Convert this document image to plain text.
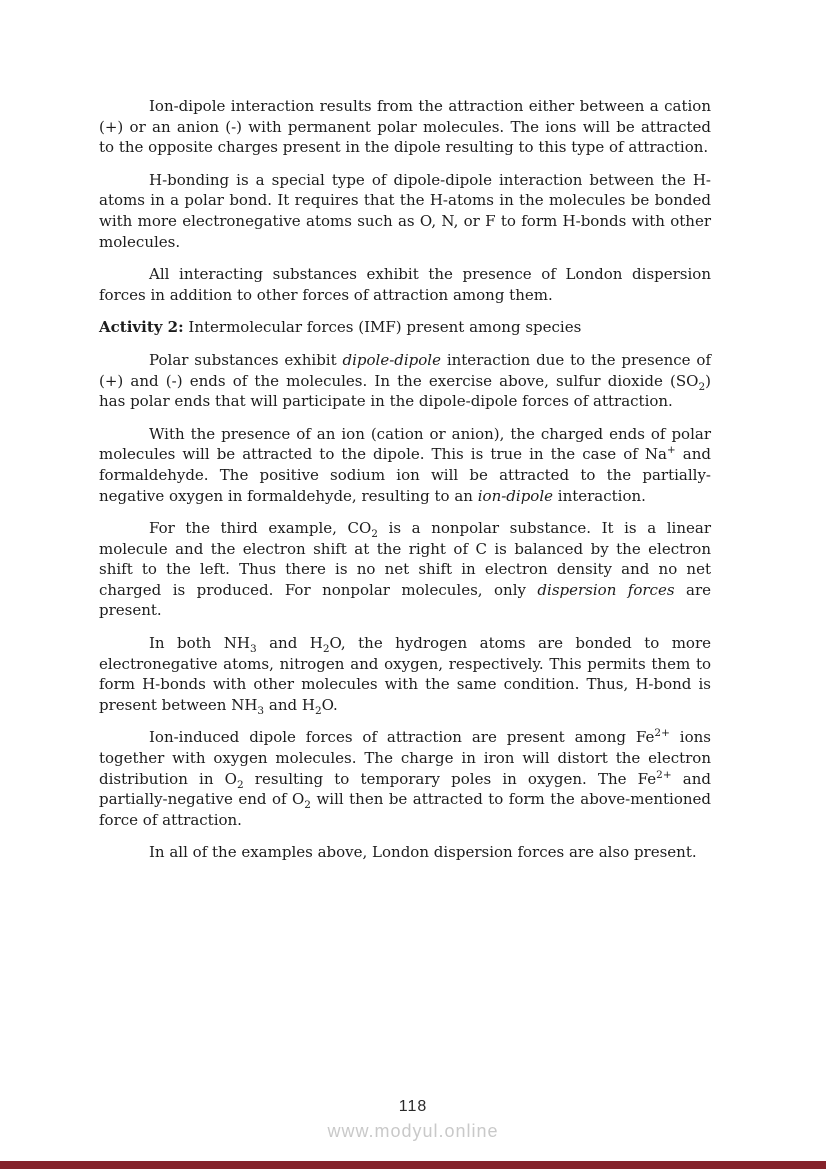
Ion-dipole interaction results from the attraction either between a cation (+) or an anion (-) with permanent polar molecules. The ions will be attracted to the opposite charges present in the dipole resulting to this type of attraction.

H-bonding is a special type of dipole-dipole interaction between the H-atoms in a polar bond. It requires that the H-atoms in the molecules be bonded with more electronegative atoms such as O, N, or F to form H-bonds with other molecules.

All interacting substances exhibit the presence of London dispersion forces in addition to other forces of attraction among them.

Activity 2: Intermolecular forces (IMF) present among species

Polar substances exhibit dipole-dipole interaction due to the presence of (+) and (-) ends of the molecules. In the exercise above, sulfur dioxide $(SO_2)$ has polar ends that will participate in the dipole-dipole forces of attraction.

With the presence of an ion (cation or anion), the charged ends of polar molecules will be attracted to the dipole. This is true in the case of Na+ and formaldehyde. The positive sodium ion will be attracted to the partially-negative oxygen in formaldehyde, resulting to an ion-dipole interaction.

For the third example, $CO_2$ is a nonpolar substance. It is a linear molecule and the electron shift at the right of C is balanced by the electron shift to the left. Thus there is no net shift in electron density and no net charged is produced. For nonpolar molecules, only dispersion forces are present.

In both $NH_3$ and $H_2O$, the hydrogen atoms are bonded to more electronegative atoms, nitrogen and oxygen, respectively. This permits them to form H-bonds with other molecules with the same condition. Thus, H-bond is present between $NH_3$ and $H_2O$.

Ion-induced dipole forces of attraction are present among $Fe^{2+}$ ions together with oxygen molecules. The charge in iron will distort the electron distribution in $O_2$ resulting to temporary poles in oxygen. The $Fe^{2+}$ and partially-negative end of $O_2$ will then be attracted to form the above-mentioned force of attraction.

In all of the examples above, London dispersion forces are also present.

118
www.modyul.online
